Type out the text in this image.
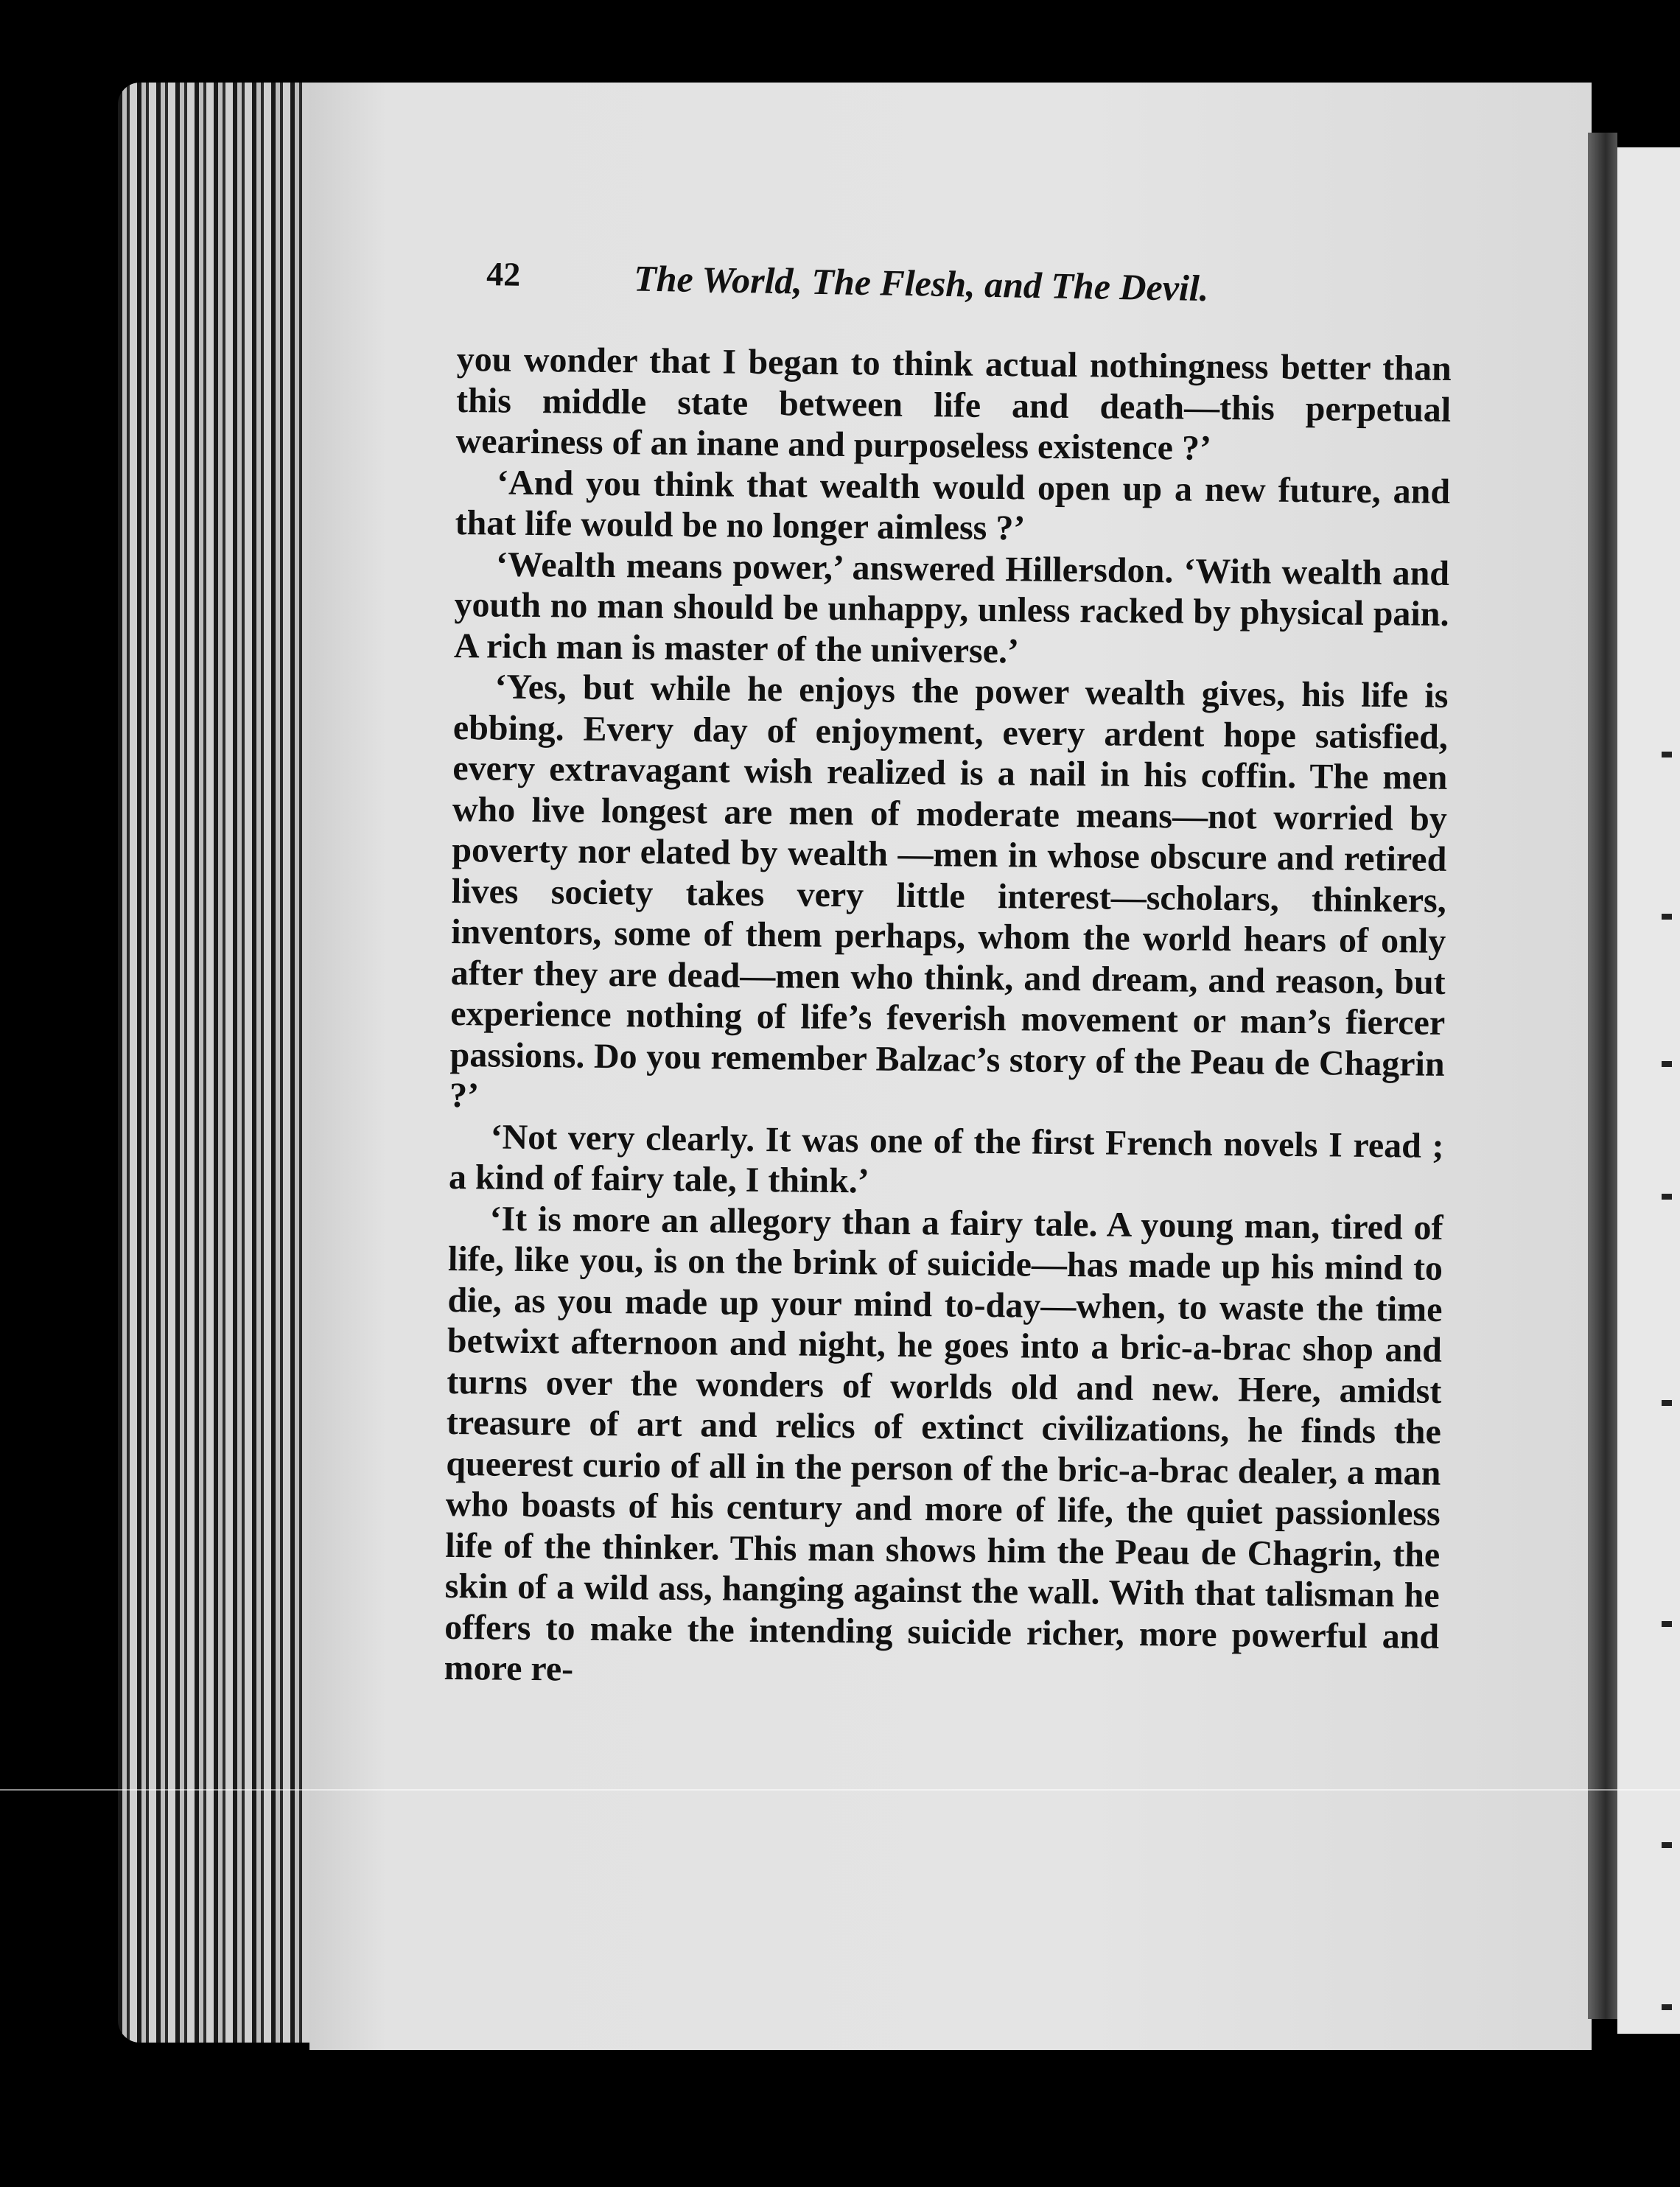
42	The World, The Flesh, and The Devil.

you wonder that I began to think actual nothingness better than this middle state between life and death—this perpetual weariness of an inane and purposeless existence ?’

‘And you think that wealth would open up a new future, and that life would be no longer aimless ?’

‘Wealth means power,’ answered Hillersdon. ‘With wealth and youth no man should be unhappy, unless racked by physical pain. A rich man is master of the universe.’

‘Yes, but while he enjoys the power wealth gives, his life is ebbing. Every day of enjoyment, every ardent hope satisfied, every extravagant wish realized is a nail in his coffin. The men who live longest are men of moderate means—not worried by poverty nor elated by wealth —men in whose obscure and retired lives society takes very little interest—scholars, thinkers, inventors, some of them perhaps, whom the world hears of only after they are dead—men who think, and dream, and reason, but experience nothing of life’s feverish movement or man’s fiercer passions. Do you remember Balzac’s story of the Peau de Chagrin ?’

‘Not very clearly. It was one of the first French novels I read ; a kind of fairy tale, I think.’

‘It is more an allegory than a fairy tale. A young man, tired of life, like you, is on the brink of suicide—has made up his mind to die, as you made up your mind to-day—when, to waste the time betwixt afternoon and night, he goes into a bric-a-brac shop and turns over the wonders of worlds old and new. Here, amidst treasure of art and relics of extinct civilizations, he finds the queerest curio of all in the person of the bric-a-brac dealer, a man who boasts of his century and more of life, the quiet passionless life of the thinker. This man shows him the Peau de Chagrin, the skin of a wild ass, hanging against the wall. With that talisman he offers to make the intending suicide richer, more powerful and more re-
